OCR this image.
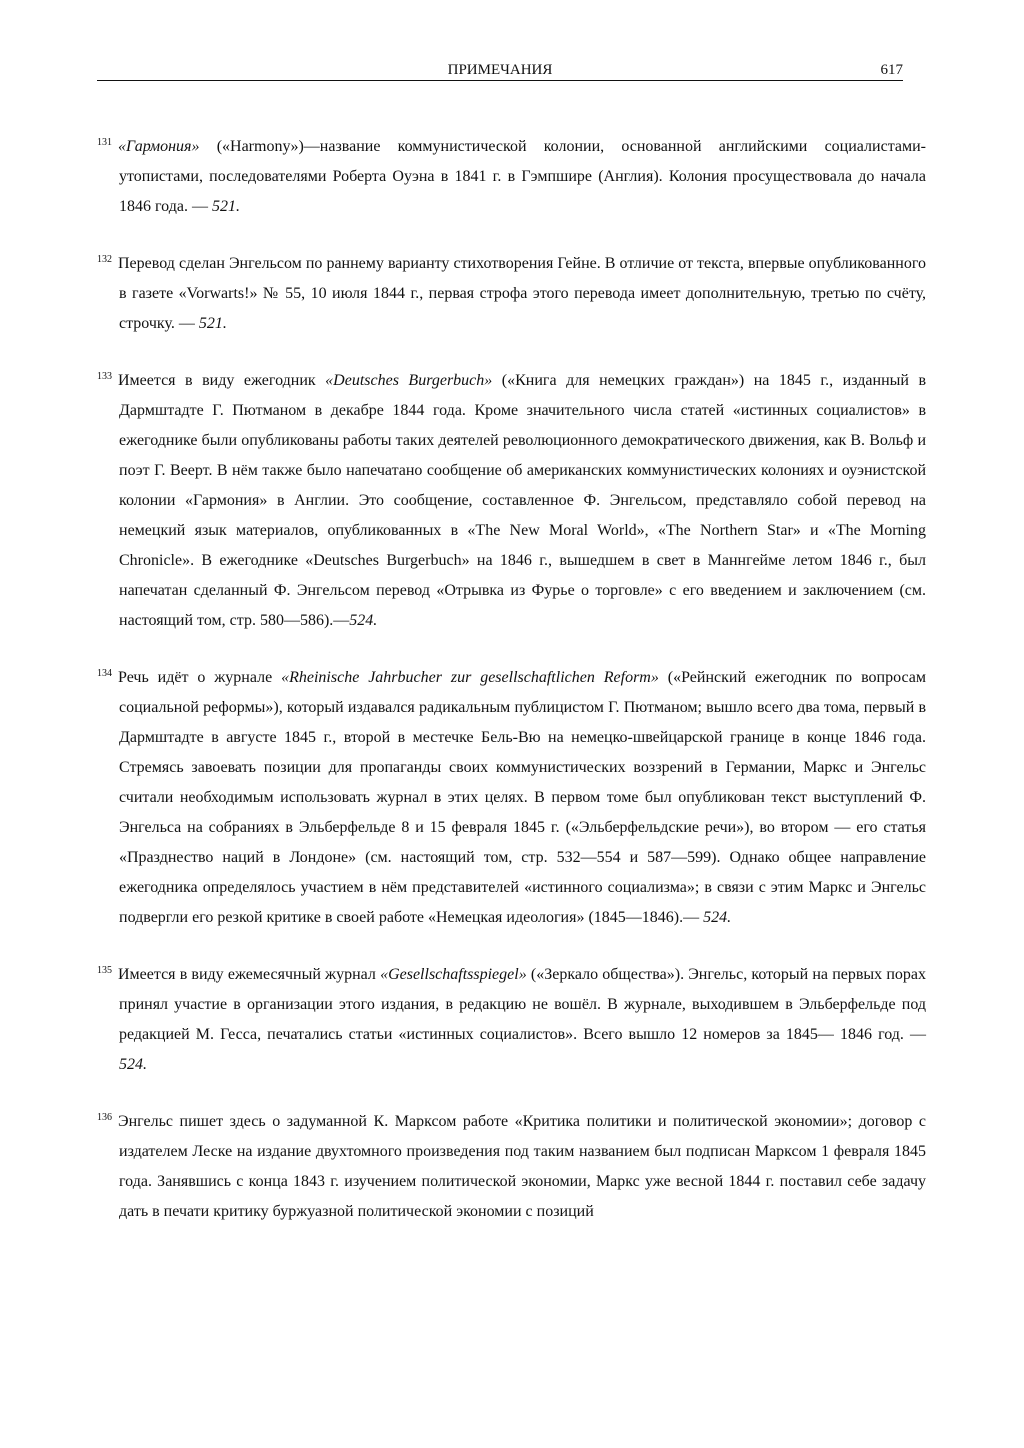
ПРИМЕЧАНИЯ	617
$^{131}$ «Гармония» («Harmony»)—название коммунистической колонии, основанной английскими социалистами-утопистами, последователями Роберта Оуэна в 1841 г. в Гэмпшире (Англия). Колония просуществовала до начала 1846 года. — 521.
$^{132}$ Перевод сделан Энгельсом по раннему варианту стихотворения Гейне. В отличие от текста, впервые опубликованного в газете «Vorwarts!» № 55, 10 июля 1844 г., первая строфа этого перевода имеет дополнительную, третью по счёту, строчку. — 521.
$^{133}$ Имеется в виду ежегодник «Deutsches Burgerbuch» («Книга для немецких граждан») на 1845 г., изданный в Дармштадте Г. Пютманом в декабре 1844 года. Кроме значительного числа статей «истинных социалистов» в ежегоднике были опубликованы работы таких деятелей революционного демократического движения, как В. Вольф и поэт Г. Веерт. В нём также было напечатано сообщение об американских коммунистических колониях и оуэнистской колонии «Гармония» в Англии. Это сообщение, составленное Ф. Энгельсом, представляло собой перевод на немецкий язык материалов, опубликованных в «The New Moral World», «The Northern Star» и «The Morning Chronicle». В ежегоднике «Deutsches Burgerbuch» на 1846 г., вышедшем в свет в Маннгейме летом 1846 г., был напечатан сделанный Ф. Энгельсом перевод «Отрывка из Фурье о торговле» с его введением и заключением (см. настоящий том, стр. 580—586).—524.
$^{134}$ Речь идёт о журнале «Rheinische Jahrbucher zur gesellschaftlichen Reform» («Рейнский ежегодник по вопросам социальной реформы»), который издавался радикальным публицистом Г. Пютманом; вышло всего два тома, первый в Дармштадте в августе 1845 г., второй в местечке Бель-Вю на немецко-швейцарской границе в конце 1846 года. Стремясь завоевать позиции для пропаганды своих коммунистических воззрений в Германии, Маркс и Энгельс считали необходимым использовать журнал в этих целях. В первом томе был опубликован текст выступлений Ф. Энгельса на собраниях в Эльберфельде 8 и 15 февраля 1845 г. («Эльберфельдские речи»), во втором — его статья «Празднество наций в Лондоне» (см. настоящий том, стр. 532—554 и 587—599). Однако общее направление ежегодника определялось участием в нём представителей «истинного социализма»; в связи с этим Маркс и Энгельс подвергли его резкой критике в своей работе «Немецкая идеология» (1845—1846).— 524.
$^{135}$ Имеется в виду ежемесячный журнал «Gesellschaftsspiegel» («Зеркало общества»). Энгельс, который на первых порах принял участие в организации этого издания, в редакцию не вошёл. В журнале, выходившем в Эльберфельде под редакцией М. Гесса, печатались статьи «истинных социалистов». Всего вышло 12 номеров за 1845— 1846 год. — 524.
$^{136}$ Энгельс пишет здесь о задуманной К. Марксом работе «Критика политики и политической экономии»; договор с издателем Леске на издание двухтомного произведения под таким названием был подписан Марксом 1 февраля 1845 года. Занявшись с конца 1843 г. изучением политической экономии, Маркс уже весной 1844 г. поставил себе задачу дать в печати критику буржуазной политической экономии с позиций
